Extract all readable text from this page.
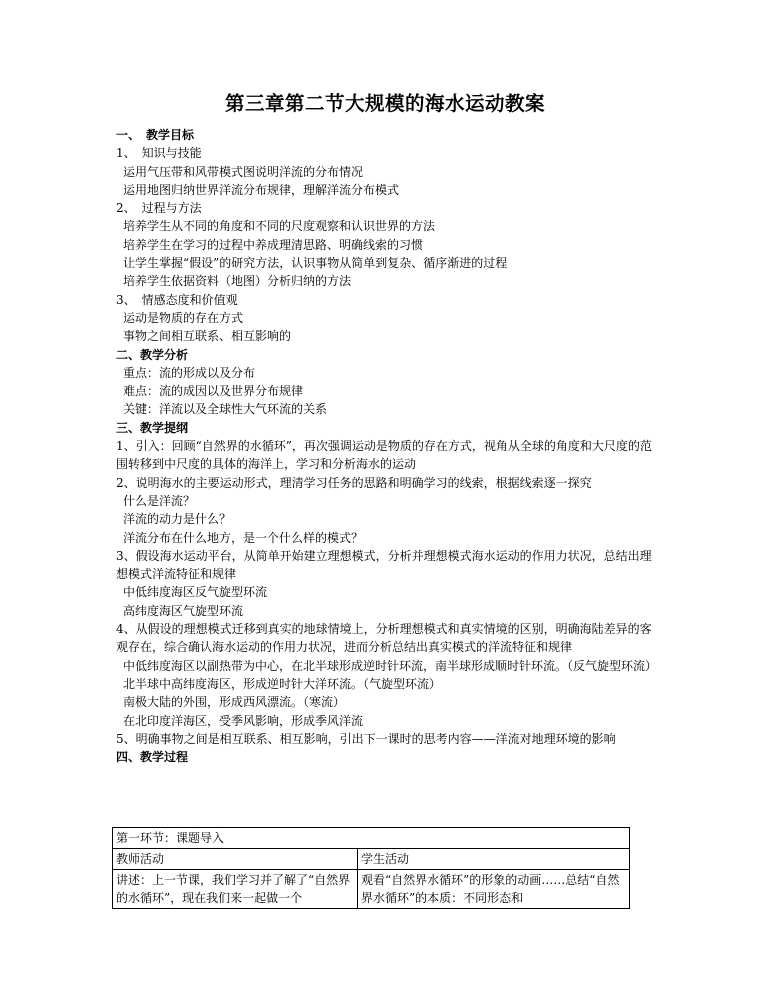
第三章第二节大规模的海水运动教案
一、　教学目标
1、　知识与技能
运用气压带和风带模式图说明洋流的分布情况
运用地图归纳世界洋流分布规律，理解洋流分布模式
2、　过程与方法
培养学生从不同的角度和不同的尺度观察和认识世界的方法
培养学生在学习的过程中养成理清思路、明确线索的习惯
让学生掌握“假设”的研究方法，认识事物从简单到复杂、循序渐进的过程
培养学生依据资料（地图）分析归纳的方法
3、　情感态度和价值观
运动是物质的存在方式
事物之间相互联系、相互影响的
二、教学分析
重点：流的形成以及分布
难点：流的成因以及世界分布规律
关键：洋流以及全球性大气环流的关系
三、教学提纲
1、引入：回顾“自然界的水循环”，再次强调运动是物质的存在方式，视角从全球的角度和大尺度的范围转移到中尺度的具体的海洋上，学习和分析海水的运动
2、说明海水的主要运动形式，理清学习任务的思路和明确学习的线索，根据线索逐一探究
什么是洋流？
洋流的动力是什么？
洋流分布在什么地方，是一个什么样的模式？
3、假设海水运动平台，从简单开始建立理想模式，分析并理想模式海水运动的作用力状况，总结出理想模式洋流特征和规律
中低纬度海区反气旋型环流
高纬度海区气旋型环流
4、从假设的理想模式迁移到真实的地球情境上，分析理想模式和真实情境的区别，明确海陆差异的客观存在，综合确认海水运动的作用力状况，进而分析总结出真实模式的洋流特征和规律
中低纬度海区以副热带为中心，在北半球形成逆时针环流，南半球形成顺时针环流。（反气旋型环流）
北半球中高纬度海区，形成逆时针大洋环流。（气旋型环流）
南极大陆的外围，形成西风漂流。（寒流）
在北印度洋海区，受季风影响，形成季风洋流
5、明确事物之间是相互联系、相互影响，引出下一课时的思考内容——洋流对地理环境的影响
四、教学过程
第一环节：课题导入	
教师活动	学生活动
讲述：上一节课，我们学习并了解了“自然界的水循环”，现在我们来一起做一个	观看“自然界水循环”的形象的动画……总结“自然界水循环”的本质：不同形态和
